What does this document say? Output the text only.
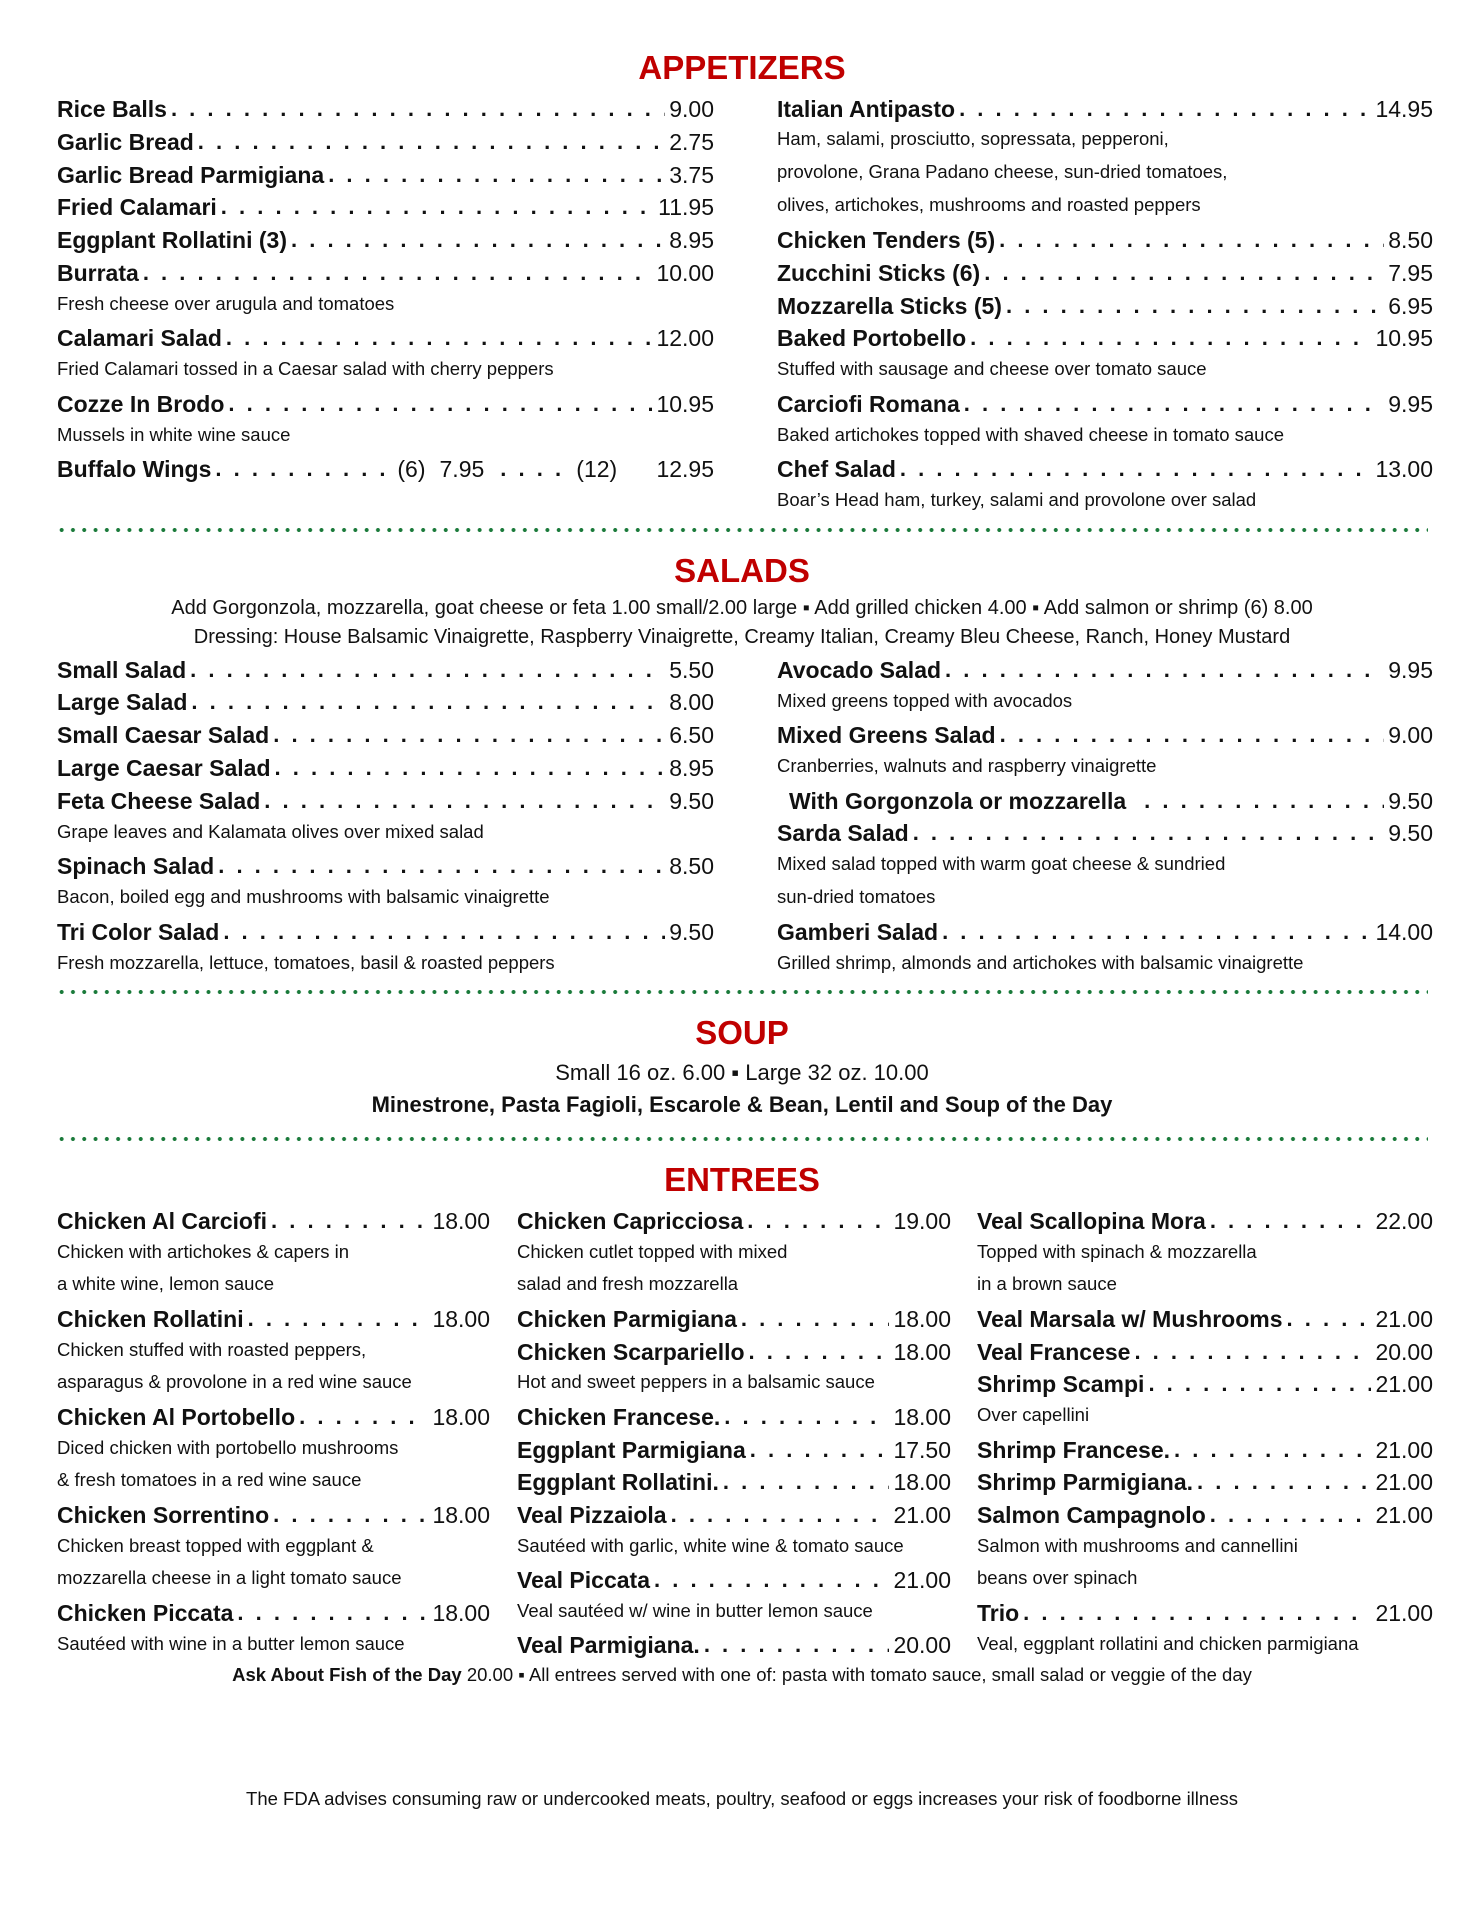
APPETIZERS
Rice Balls . . .	9.00
Garlic Bread . . .	2.75
Garlic Bread Parmigiana . . .	3.75
Fried Calamari . . .	11.95
Eggplant Rollatini (3) . . .	8.95
Burrata . . .	10.00
Fresh cheese over arugula and tomatoes
Calamari Salad . . .	12.00
Fried Calamari tossed in a Caesar salad with cherry peppers
Cozze In Brodo . . .	10.95
Mussels in white wine sauce
Buffalo Wings . . .	(6) 7.95 . . .	(12) 12.95
Italian Antipasto . . .	14.95
Ham, salami, prosciutto, sopressata, pepperoni,
provolone, Grana Padano cheese, sun-dried tomatoes,
olives, artichokes, mushrooms and roasted peppers
Chicken Tenders (5) . . .	8.50
Zucchini Sticks (6) . . .	7.95
Mozzarella Sticks (5) . . .	6.95
Baked Portobello . . .	10.95
Stuffed with sausage and cheese over tomato sauce
Carciofi Romana . . .	9.95
Baked artichokes topped with shaved cheese in tomato sauce
Chef Salad . . .	13.00
Boar’s Head ham, turkey, salami and provolone over salad
SALADS
Add Gorgonzola, mozzarella, goat cheese or feta 1.00 small/2.00 large ▪ Add grilled chicken 4.00 ▪ Add salmon or shrimp (6) 8.00
Dressing: House Balsamic Vinaigrette, Raspberry Vinaigrette, Creamy Italian, Creamy Bleu Cheese, Ranch, Honey Mustard
Small Salad . . .	5.50
Large Salad . . .	8.00
Small Caesar Salad . . .	6.50
Large Caesar Salad . . .	8.95
Feta Cheese Salad . . .	9.50
Grape leaves and Kalamata olives over mixed salad
Spinach Salad . . .	8.50
Bacon, boiled egg and mushrooms with balsamic vinaigrette
Tri Color Salad . . .	9.50
Fresh mozzarella, lettuce, tomatoes, basil & roasted peppers
Avocado Salad . . .	9.95
Mixed greens topped with avocados
Mixed Greens Salad . . .	9.00
Cranberries, walnuts and raspberry vinaigrette
With Gorgonzola or mozzarella . . .	9.50
Sarda Salad . . .	9.50
Mixed salad topped with warm goat cheese & sundried
sun-dried tomatoes
Gamberi Salad . . .	14.00
Grilled shrimp, almonds and artichokes with balsamic vinaigrette
SOUP
Small 16 oz. 6.00 ▪ Large 32 oz. 10.00
Minestrone, Pasta Fagioli, Escarole & Bean, Lentil and Soup of the Day
ENTREES
Chicken Al Carciofi . . .	18.00
Chicken with artichokes & capers in
a white wine, lemon sauce
Chicken Rollatini . . .	18.00
Chicken stuffed with roasted peppers,
asparagus & provolone in a red wine sauce
Chicken Al Portobello . . .	18.00
Diced chicken with portobello mushrooms
& fresh tomatoes in a red wine sauce
Chicken Sorrentino . . .	18.00
Chicken breast topped with eggplant &
mozzarella cheese in a light tomato sauce
Chicken Piccata . . .	18.00
Sautéed with wine in a butter lemon sauce
Chicken Capricciosa . . .	19.00
Chicken cutlet topped with mixed
salad and fresh mozzarella
Chicken Parmigiana . . .	18.00
Chicken Scarpariello . . .	18.00
Hot and sweet peppers in a balsamic sauce
Chicken Francese. . . .	18.00
Eggplant Parmigiana . . .	17.50
Eggplant Rollatini. . . .	18.00
Veal Pizzaiola . . .	21.00
Sautéed with garlic, white wine & tomato sauce
Veal Piccata . . .	21.00
Veal sautéed w/ wine in butter lemon sauce
Veal Parmigiana. . . .	20.00
Veal Scallopina Mora . . .	22.00
Topped with spinach & mozzarella
in a brown sauce
Veal Marsala w/ Mushrooms . . .	21.00
Veal Francese . . .	20.00
Shrimp Scampi . . .	21.00
Over capellini
Shrimp Francese. . . .	21.00
Shrimp Parmigiana. . . .	21.00
Salmon Campagnolo . . .	21.00
Salmon with mushrooms and cannellini
beans over spinach
Trio . . .	21.00
Veal, eggplant rollatini and chicken parmigiana
Ask About Fish of the Day 20.00 ▪ All entrees served with one of: pasta with tomato sauce, small salad or veggie of the day
The FDA advises consuming raw or undercooked meats, poultry, seafood or eggs increases your risk of foodborne illness
